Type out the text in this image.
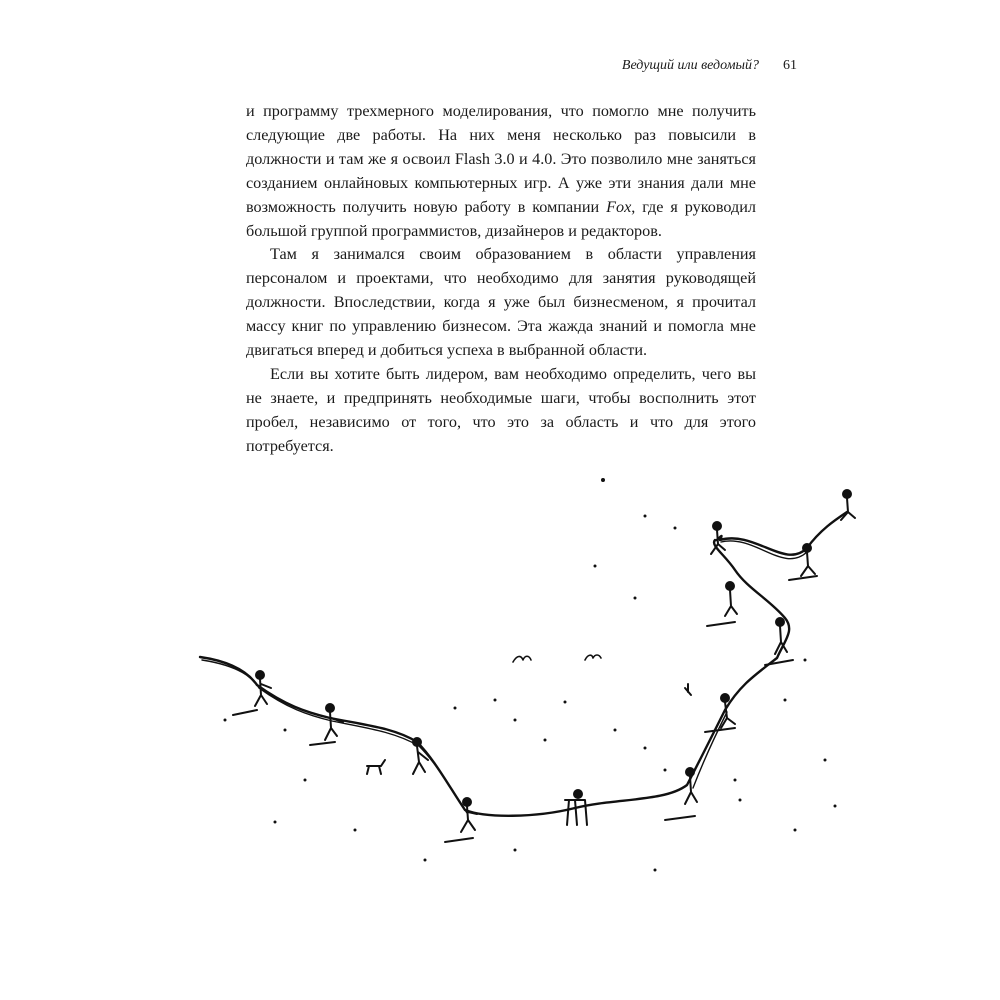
Ведущий или ведомый? 61

и программу трехмерного моделирования, что помогло мне получить следующие две работы. На них меня несколько раз повысили в должности и там же я освоил Flash 3.0 и 4.0. Это позволило мне заняться созданием онлайновых компьютерных игр. А уже эти знания дали мне возможность получить новую работу в компании Fox, где я руководил большой группой программистов, дизайнеров и редакторов.

Там я занимался своим образованием в области управления персоналом и проектами, что необходимо для занятия руководящей должности. Впоследствии, когда я уже был бизнесменом, я прочитал массу книг по управлению бизнесом. Эта жажда знаний и помогла мне двигаться вперед и добиться успеха в выбранной области.

Если вы хотите быть лидером, вам необходимо определить, чего вы не знаете, и предпринять необходимые шаги, чтобы восполнить этот пробел, независимо от того, что это за область и что для этого потребуется.
